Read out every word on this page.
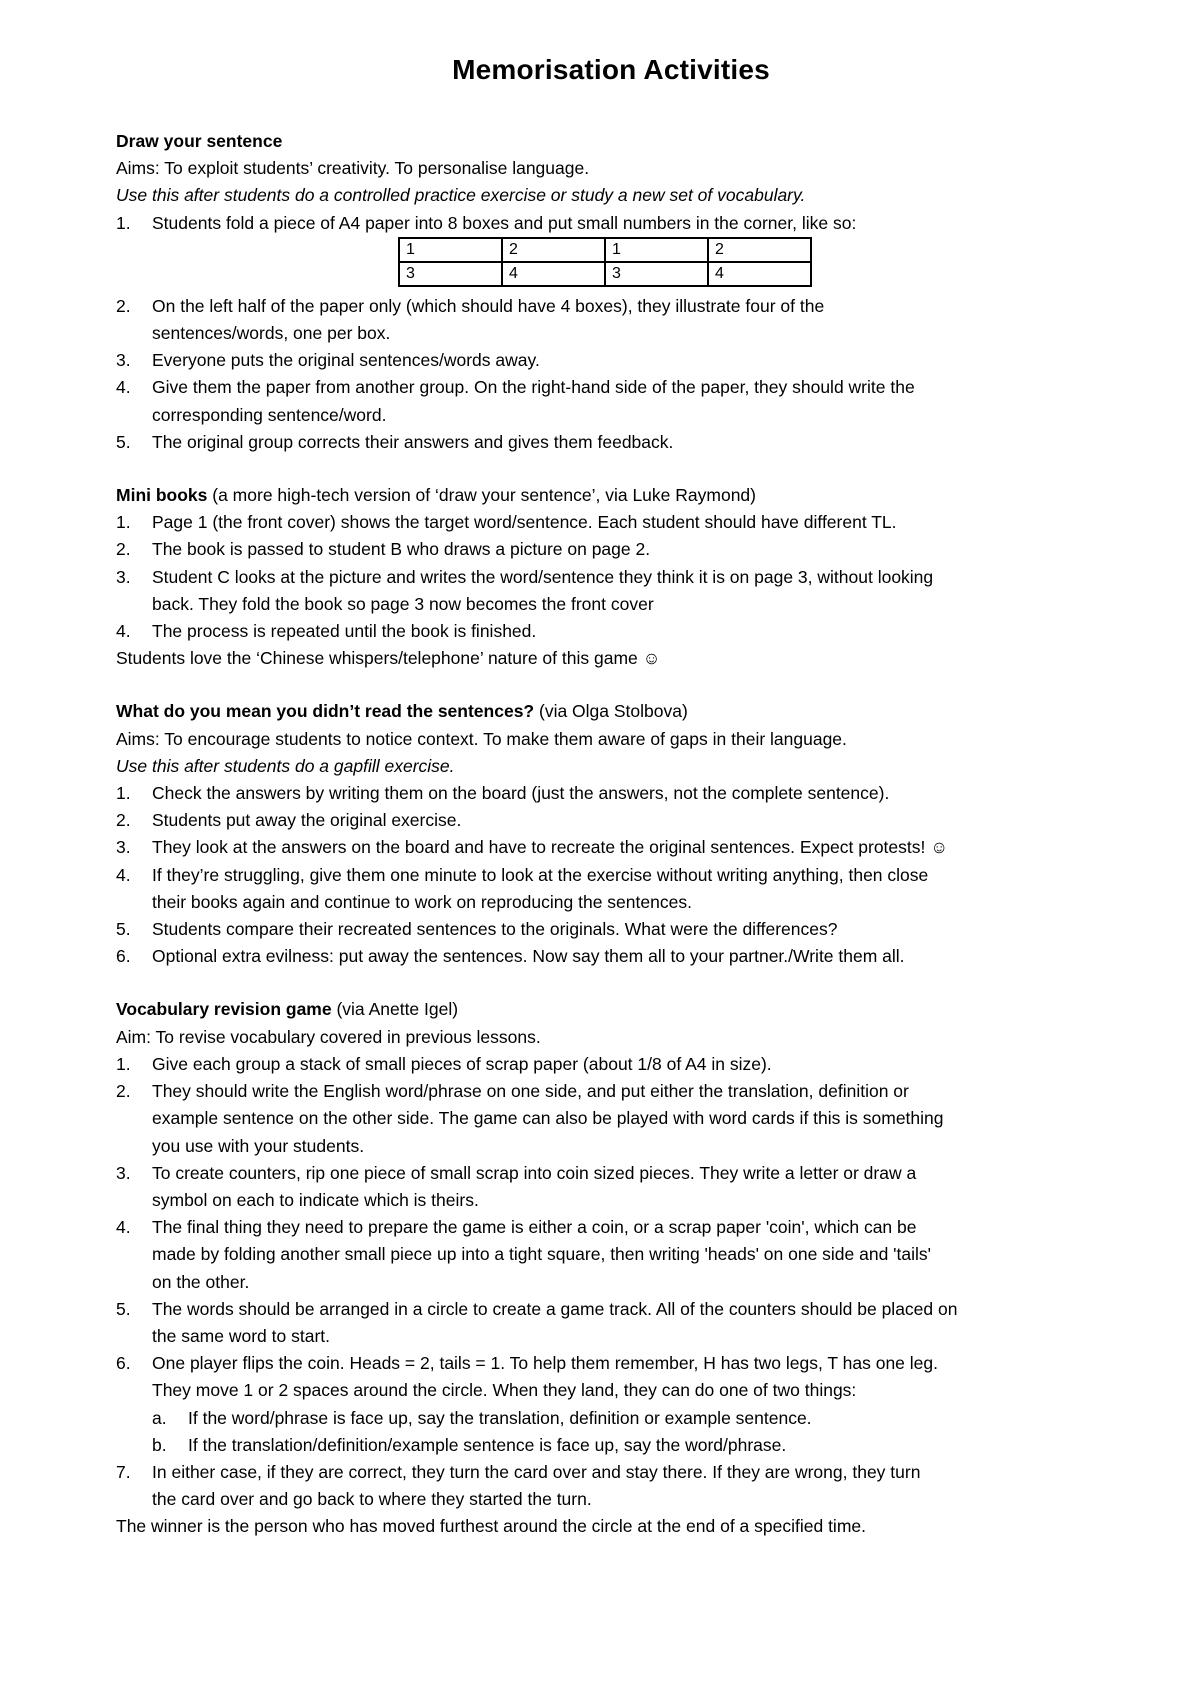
Memorisation Activities

Draw your sentence

Aims: To exploit students’ creativity. To personalise language.

Use this after students do a controlled practice exercise or study a new set of vocabulary.

1.	Students fold a piece of A4 paper into 8 boxes and put small numbers in the corner, like so:
1	2	1	2
3	4	3	4
2.	On the left half of the paper only (which should have 4 boxes), they illustrate four of the
sentences/words, one per box.
3.	Everyone puts the original sentences/words away.
4.	Give them the paper from another group. On the right-hand side of the paper, they should write the
corresponding sentence/word.
5.	The original group corrects their answers and gives them feedback.

Mini books (a more high-tech version of ‘draw your sentence’, via Luke Raymond)

1.	Page 1 (the front cover) shows the target word/sentence. Each student should have different TL.
2.	The book is passed to student B who draws a picture on page 2.
3.	Student C looks at the picture and writes the word/sentence they think it is on page 3, without looking
back. They fold the book so page 3 now becomes the front cover
4.	The process is repeated until the book is finished.

Students love the ‘Chinese whispers/telephone’ nature of this game ☺

What do you mean you didn’t read the sentences? (via Olga Stolbova)

Aims: To encourage students to notice context. To make them aware of gaps in their language.

Use this after students do a gapfill exercise.

1.	Check the answers by writing them on the board (just the answers, not the complete sentence).
2.	Students put away the original exercise.
3.	They look at the answers on the board and have to recreate the original sentences. Expect protests! ☺
4.	If they’re struggling, give them one minute to look at the exercise without writing anything, then close
their books again and continue to work on reproducing the sentences.
5.	Students compare their recreated sentences to the originals. What were the differences?
6.	Optional extra evilness: put away the sentences. Now say them all to your partner./Write them all.

Vocabulary revision game (via Anette Igel)

Aim: To revise vocabulary covered in previous lessons.

1.	Give each group a stack of small pieces of scrap paper (about 1/8 of A4 in size).
2.	They should write the English word/phrase on one side, and put either the translation, definition or
example sentence on the other side. The game can also be played with word cards if this is something
you use with your students.
3.	To create counters, rip one piece of small scrap into coin sized pieces. They write a letter or draw a
symbol on each to indicate which is theirs.
4.	The final thing they need to prepare the game is either a coin, or a scrap paper 'coin', which can be
made by folding another small piece up into a tight square, then writing 'heads' on one side and 'tails'
on the other.
5.	The words should be arranged in a circle to create a game track. All of the counters should be placed on
the same word to start.
6.	One player flips the coin. Heads = 2, tails = 1. To help them remember, H has two legs, T has one leg.
They move 1 or 2 spaces around the circle. When they land, they can do one of two things:
a.	If the word/phrase is face up, say the translation, definition or example sentence.
b.	If the translation/definition/example sentence is face up, say the word/phrase.
7.	In either case, if they are correct, they turn the card over and stay there. If they are wrong, they turn
the card over and go back to where they started the turn.

The winner is the person who has moved furthest around the circle at the end of a specified time.
